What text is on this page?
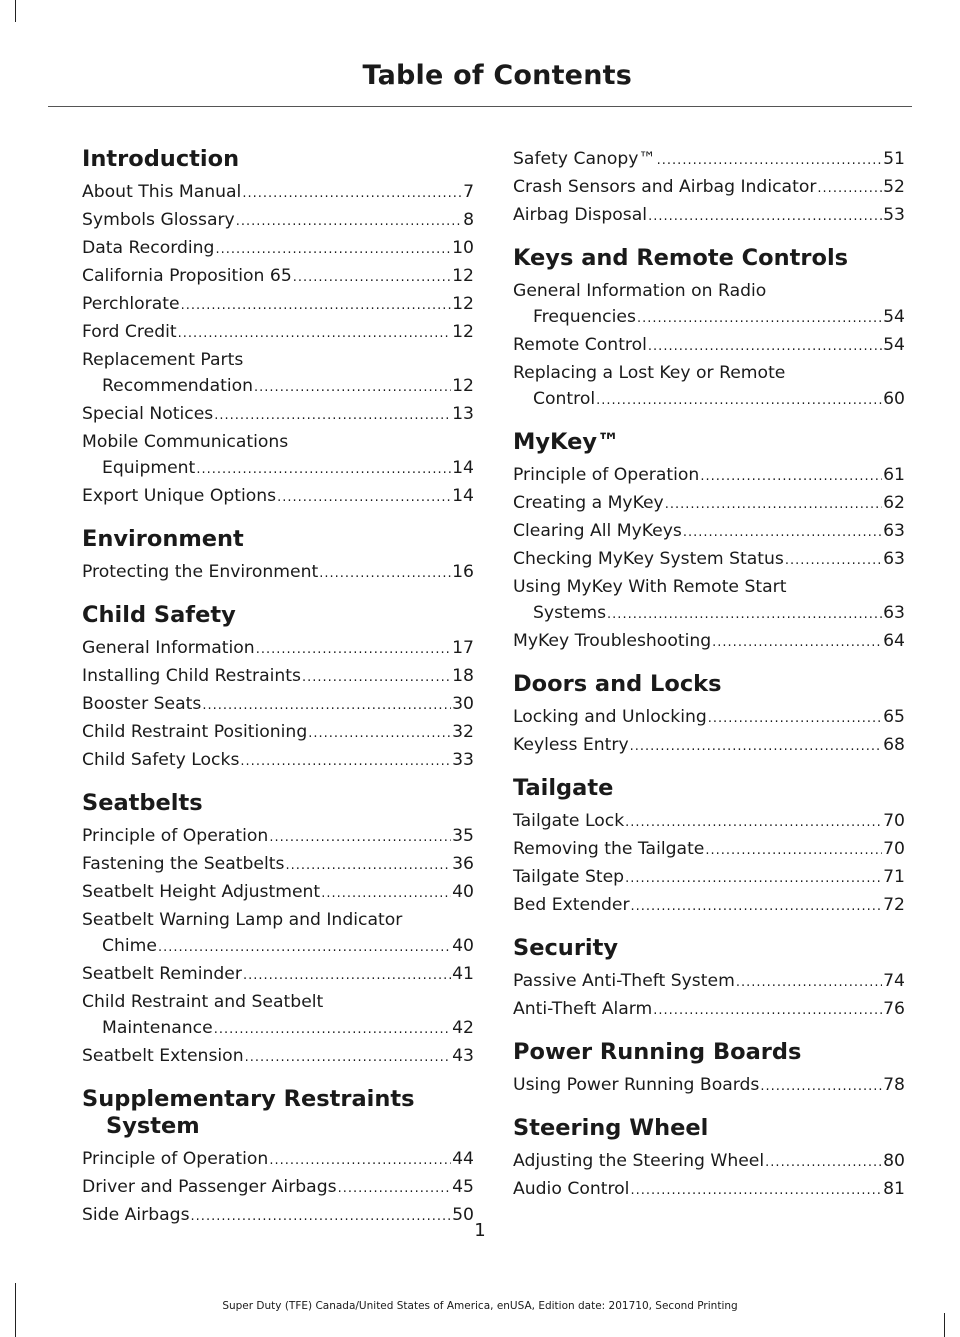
Table of Contents
Introduction
About This Manual .....	7
Symbols Glossary .....	8
Data Recording .....	10
California Proposition 65 .....	12
Perchlorate .....	12
Ford Credit .....	12
Replacement Parts
Recommendation .....	12
Special Notices .....	13
Mobile Communications
Equipment .....	14
Export Unique Options .....	14
Environment
Protecting the Environment .....	16
Child Safety
General Information .....	17
Installing Child Restraints .....	18
Booster Seats .....	30
Child Restraint Positioning .....	32
Child Safety Locks .....	33
Seatbelts
Principle of Operation .....	35
Fastening the Seatbelts .....	36
Seatbelt Height Adjustment .....	40
Seatbelt Warning Lamp and Indicator
Chime .....	40
Seatbelt Reminder .....	41
Child Restraint and Seatbelt
Maintenance .....	42
Seatbelt Extension .....	43
Supplementary Restraints
System
Principle of Operation .....	44
Driver and Passenger Airbags .....	45
Side Airbags .....	50
Safety Canopy™ .....	51
Crash Sensors and Airbag Indicator .....	52
Airbag Disposal .....	53
Keys and Remote Controls
General Information on Radio
Frequencies .....	54
Remote Control .....	54
Replacing a Lost Key or Remote
Control .....	60
MyKey™
Principle of Operation .....	61
Creating a MyKey .....	62
Clearing All MyKeys .....	63
Checking MyKey System Status .....	63
Using MyKey With Remote Start
Systems .....	63
MyKey Troubleshooting .....	64
Doors and Locks
Locking and Unlocking .....	65
Keyless Entry .....	68
Tailgate
Tailgate Lock .....	70
Removing the Tailgate .....	70
Tailgate Step .....	71
Bed Extender .....	72
Security
Passive Anti-Theft System .....	74
Anti-Theft Alarm .....	76
Power Running Boards
Using Power Running Boards .....	78
Steering Wheel
Adjusting the Steering Wheel .....	80
Audio Control .....	81
1
Super Duty (TFE) Canada/United States of America, enUSA, Edition date: 201710, Second Printing
